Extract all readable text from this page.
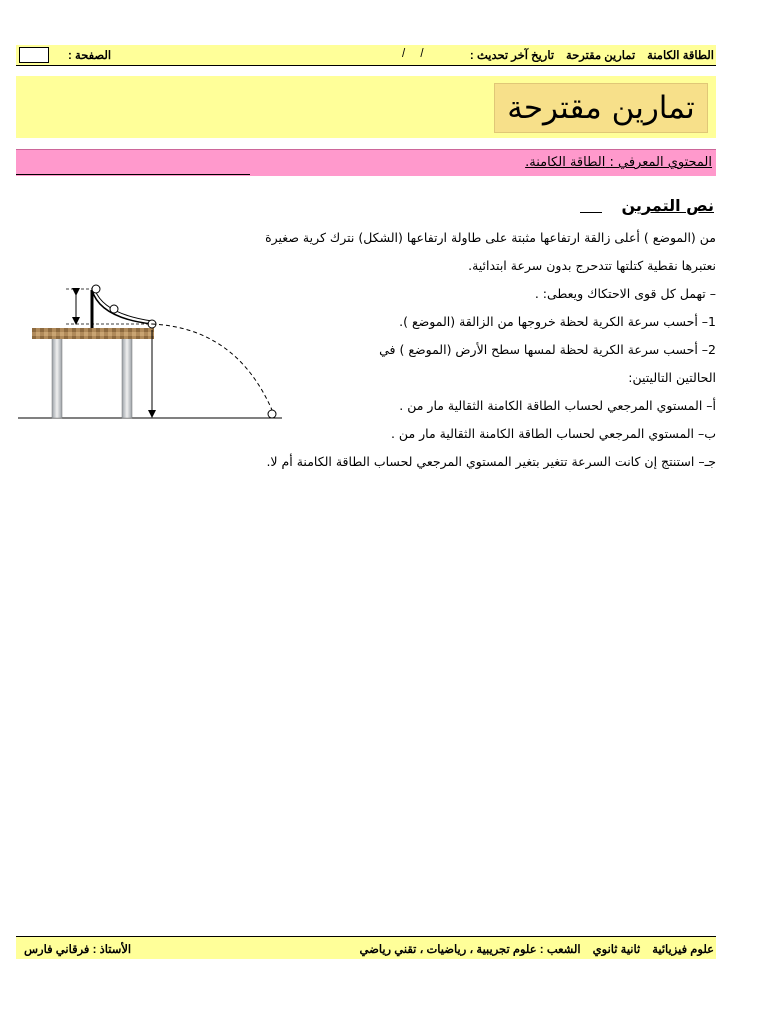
الطاقة الكامنةتمارين مقترحةتاريخ آخر تحديث :
/ /
الصفحة :
تمارين مقترحة
المحتوي المعرفي : الطاقة الكامنة.
نص التمرين
من (الموضع ) أعلى زالقة ارتفاعها مثبتة على طاولة ارتفاعها (الشكل) نترك كرية صغيرة
نعتبرها نقطية كتلتها تتدحرج بدون سرعة ابتدائية.
– تهمل كل قوى الاحتكاك ويعطى: .
1– أحسب سرعة الكرية لحظة خروجها من الزالقة (الموضع ).
2– أحسب سرعة الكرية لحظة لمسها سطح الأرض (الموضع ) في
الحالتين التاليتين:
أ– المستوي المرجعي لحساب الطاقة الكامنة الثقالية مار من .
ب– المستوي المرجعي لحساب الطاقة الكامنة الثقالية مار من .
جـ– استنتج إن كانت السرعة تتغير بتغير المستوي المرجعي لحساب الطاقة الكامنة أم لا.
علوم فيزيائيةثانية ثانويالشعب : علوم تجريبية ، رياضيات ، تقني رياضي
الأستاذ : فرقاني فارس
